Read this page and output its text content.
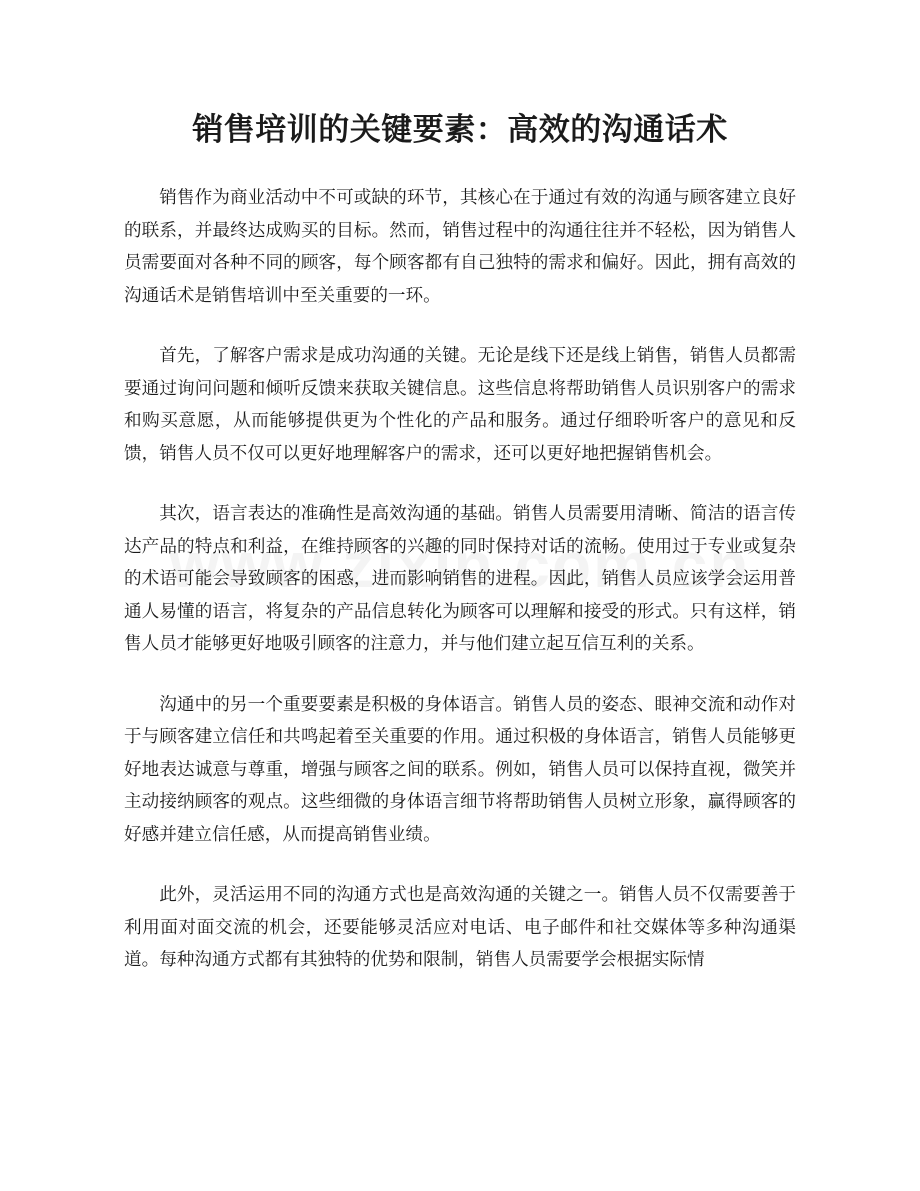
销售培训的关键要素：高效的沟通话术

销售作为商业活动中不可或缺的环节，其核心在于通过有效的沟通与顾客建立良好的联系，并最终达成购买的目标。然而，销售过程中的沟通往往并不轻松，因为销售人员需要面对各种不同的顾客，每个顾客都有自己独特的需求和偏好。因此，拥有高效的沟通话术是销售培训中至关重要的一环。

首先，了解客户需求是成功沟通的关键。无论是线下还是线上销售，销售人员都需要通过询问问题和倾听反馈来获取关键信息。这些信息将帮助销售人员识别客户的需求和购买意愿，从而能够提供更为个性化的产品和服务。通过仔细聆听客户的意见和反馈，销售人员不仅可以更好地理解客户的需求，还可以更好地把握销售机会。

其次，语言表达的准确性是高效沟通的基础。销售人员需要用清晰、简洁的语言传达产品的特点和利益，在维持顾客的兴趣的同时保持对话的流畅。使用过于专业或复杂的术语可能会导致顾客的困惑，进而影响销售的进程。因此，销售人员应该学会运用普通人易懂的语言，将复杂的产品信息转化为顾客可以理解和接受的形式。只有这样，销售人员才能够更好地吸引顾客的注意力，并与他们建立起互信互利的关系。

沟通中的另一个重要要素是积极的身体语言。销售人员的姿态、眼神交流和动作对于与顾客建立信任和共鸣起着至关重要的作用。通过积极的身体语言，销售人员能够更好地表达诚意与尊重，增强与顾客之间的联系。例如，销售人员可以保持直视，微笑并主动接纳顾客的观点。这些细微的身体语言细节将帮助销售人员树立形象，赢得顾客的好感并建立信任感，从而提高销售业绩。

此外，灵活运用不同的沟通方式也是高效沟通的关键之一。销售人员不仅需要善于利用面对面交流的机会，还要能够灵活应对电话、电子邮件和社交媒体等多种沟通渠道。每种沟通方式都有其独特的优势和限制，销售人员需要学会根据实际情
